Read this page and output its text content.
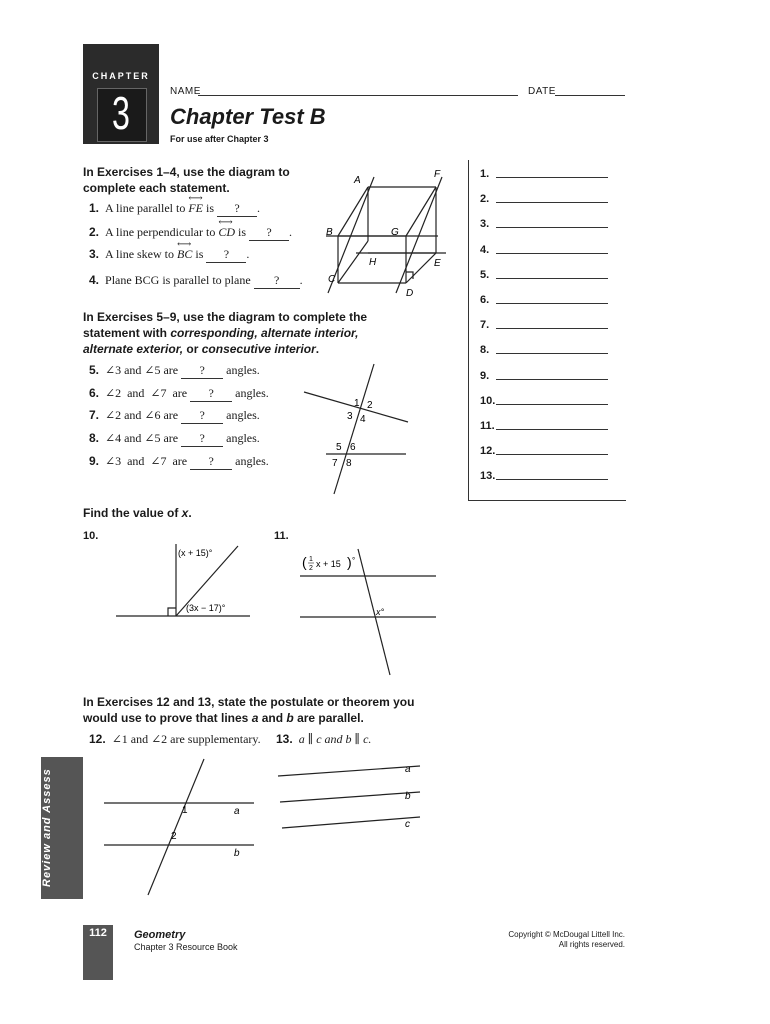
CHAPTER
3	NAME	DATE
Chapter Test B
For use after Chapter 3
In Exercises 1–4, use the diagram to
complete each statement.
1. A line parallel to
⟷
FE is ? .
2. A line perpendicular to
⟷
CD is ? .
3. A line skew to
⟷
BC is ? .
4. Plane BCG is parallel to plane ? .
A
F
B	G
H	E
C
D
In Exercises 5–9, use the diagram to complete the
statement with corresponding, alternate interior,
alternate exterior, or consecutive interior.
5. ∠3 and ∠5 are ? angles.
6. ∠2 and ∠7 are ? angles.
7. ∠2 and ∠6 are ? angles.
8. ∠4 and ∠5 are ? angles.
9. ∠3 and ∠7 are ? angles.
1 2
3 4
5 6
7 8
1.
2.
3.
4.
5.
6.
7.
8.
9.
10.
11.
12.
13.
Find the value of x.
10.
(x + 15)°
(3x − 17)°
11.
( 1
2 x + 15 ) °
x°
In Exercises 12 and 13, state the postulate or theorem you
would use to prove that lines a and b are parallel.
12. ∠1 and ∠2 are supplementary. 13. a ∥ c and b ∥ c.
1
2
a
b
a
b
c
Review and Assess
112	Geometry
Chapter 3 Resource Book
Copyright © McDougal Littell Inc.
All rights reserved.
